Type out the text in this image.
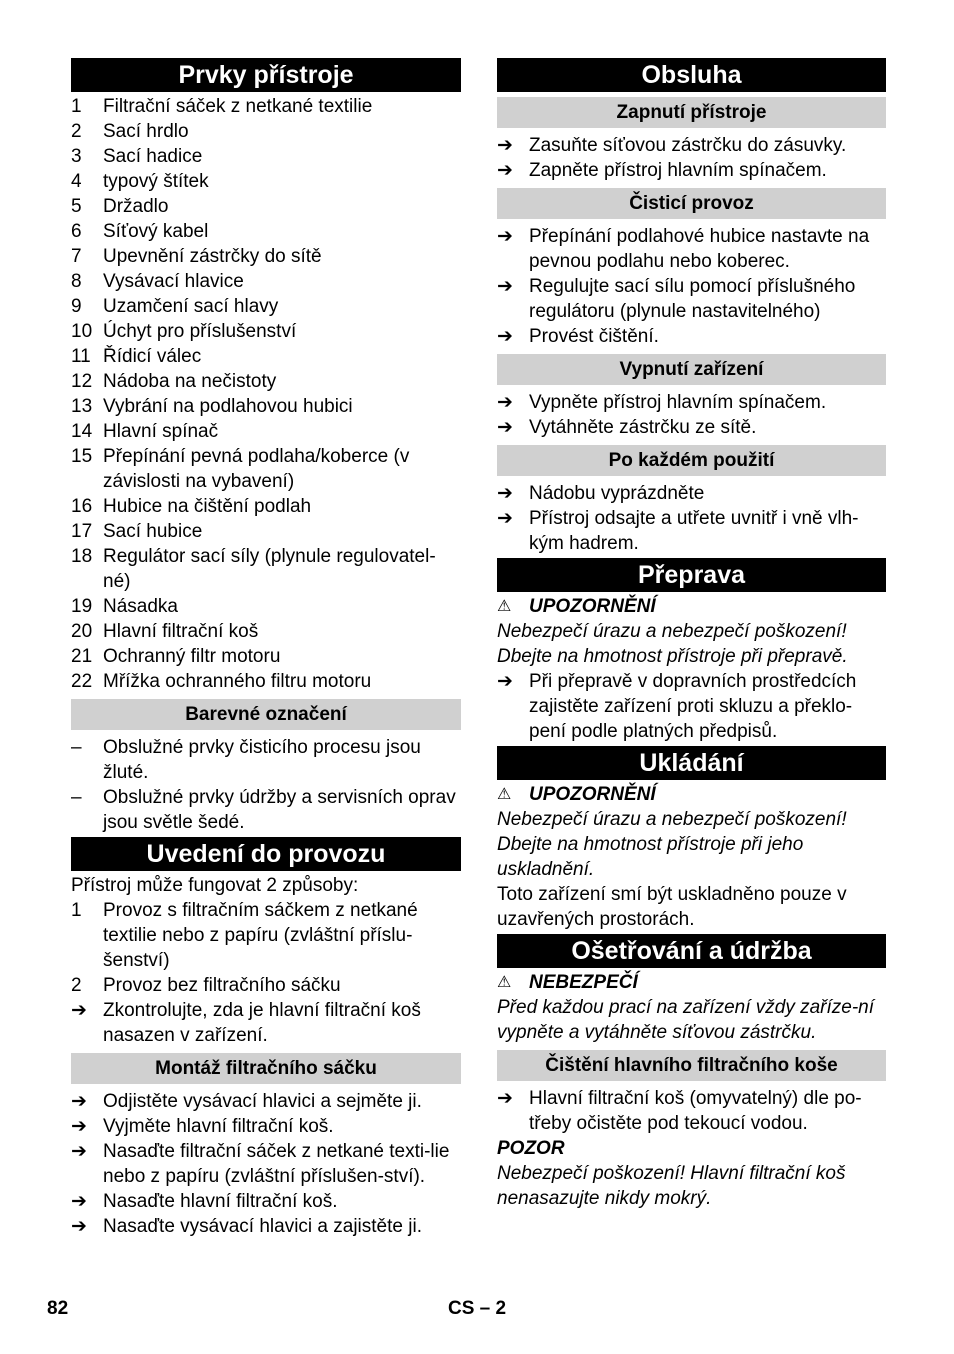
Prvky přístroje
1	Filtrační sáček z netkané textilie
2	Sací hrdlo
3	Sací hadice
4	typový štítek
5	Držadlo
6	Síťový kabel
7	Upevnění zástrčky do sítě
8	Vysávací hlavice
9	Uzamčení sací hlavy
10 Úchyt pro příslušenství
11 Řídicí válec
12 Nádoba na nečistoty
13 Vybrání na podlahovou hubici
14 Hlavní spínač
15 Přepínání pevná podlaha/koberce (v závislosti na vybavení)
16 Hubice na čištění podlah
17 Sací hubice
18 Regulátor sací síly (plynule regulovatel-né)
19 Násadka
20 Hlavní filtrační koš
21 Ochranný filtr motoru
22 Mřížka ochranného filtru motoru
Barevné označení
–	Obslužné prvky čisticího procesu jsou žluté.
–	Obslužné prvky údržby a servisních oprav jsou světle šedé.
Uvedení do provozu

Přístroj může fungovat 2 způsoby:

1	Provoz s filtračním sáčkem z netkané textilie nebo z papíru (zvláštní příslu-šenství)
2	Provoz bez filtračního sáčku
➔ Zkontrolujte, zda je hlavní filtrační koš nasazen v zařízení.
Montáž filtračního sáčku
➔ Odjistěte vysávací hlavici a sejměte ji.
➔ Vyjměte hlavní filtrační koš.
➔ Nasaďte filtrační sáček z netkané texti-lie nebo z papíru (zvláštní příslušen-ství).
➔ Nasaďte hlavní filtrační koš.
➔ Nasaďte vysávací hlavici a zajistěte ji.
Obsluha
Zapnutí přístroje
➔ Zasuňte síťovou zástrčku do zásuvky.
➔ Zapněte přístroj hlavním spínačem.
Čisticí provoz
➔ Přepínání podlahové hubice nastavte na pevnou podlahu nebo koberec.
➔ Regulujte sací sílu pomocí příslušného regulátoru (plynule nastavitelného)
➔ Provést čištění.
Vypnutí zařízení
➔ Vypněte přístroj hlavním spínačem.
➔ Vytáhněte zástrčku ze sítě.
Po každém použití
➔ Nádobu vyprázdněte
➔ Přístroj odsajte a utřete uvnitř i vně vlh-kým hadrem.
Přeprava
⚠ UPOZORNĚNÍ

Nebezpečí úrazu a nebezpečí poškození! Dbejte na hmotnost přístroje při přepravě.

➔ Při přepravě v dopravních prostředcích zajistěte zařízení proti skluzu a překlo-pení podle platných předpisů.
Ukládání
⚠ UPOZORNĚNÍ

Nebezpečí úrazu a nebezpečí poškození! Dbejte na hmotnost přístroje při jeho uskladnění.

Toto zařízení smí být uskladněno pouze v uzavřených prostorách.

Ošetřování a údržba
⚠ NEBEZPEČÍ

Před každou prací na zařízení vždy zaříze-ní vypněte a vytáhněte síťovou zástrčku.

Čištění hlavního filtračního koše
➔ Hlavní filtrační koš (omyvatelný) dle po-třeby očistěte pod tekoucí vodou.
POZOR

Nebezpečí poškození! Hlavní filtrační koš nenasazujte nikdy mokrý.

82	CS – 2
